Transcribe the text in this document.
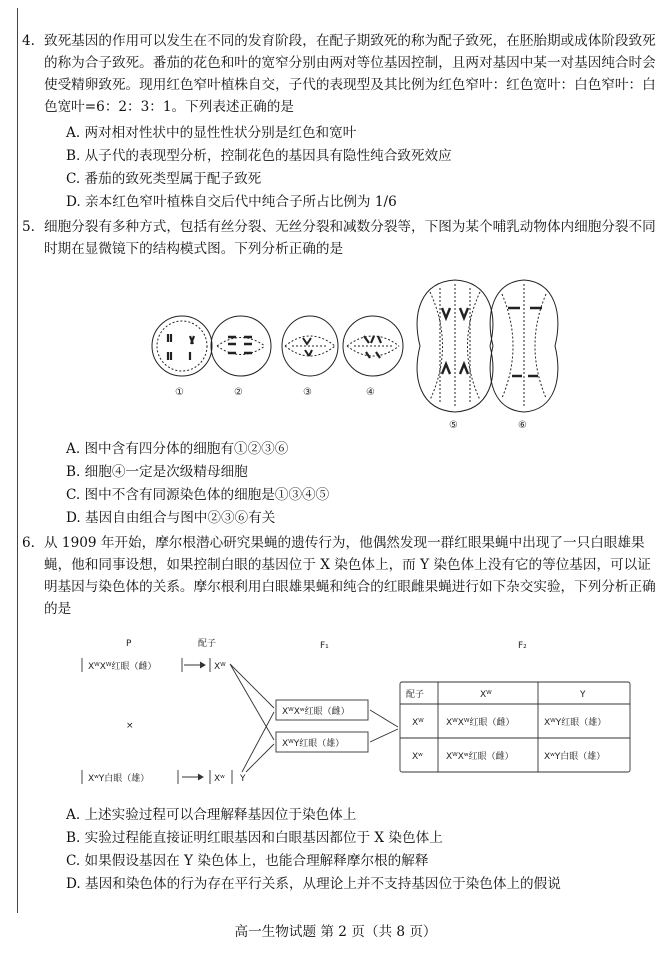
4. 致死基因的作用可以发生在不同的发育阶段，在配子期致死的称为配子致死，在胚胎期或成体阶段致死的称为合子致死。番茄的花色和叶的宽窄分别由两对等位基因控制，且两对基因中某一对基因纯合时会使受精卵致死。现用红色窄叶植株自交，子代的表现型及其比例为红色窄叶：红色宽叶：白色窄叶：白色宽叶=6：2：3：1。下列表述正确的是
A. 两对相对性状中的显性性状分别是红色和宽叶
B. 从子代的表现型分析，控制花色的基因具有隐性纯合致死效应
C. 番茄的致死类型属于配子致死
D. 亲本红色窄叶植株自交后代中纯合子所占比例为 1/6
5. 细胞分裂有多种方式，包括有丝分裂、无丝分裂和减数分裂等，下图为某个哺乳动物体内细胞分裂不同时期在显微镜下的结构模式图。下列分析正确的是
①	②	③	④
⑤	⑥
A. 图中含有四分体的细胞有①②③⑥
B. 细胞④一定是次级精母细胞
C. 图中不含有同源染色体的细胞是①③④⑤
D. 基因自由组合与图中②③⑥有关
6. 从 1909 年开始，摩尔根潜心研究果蝇的遗传行为，他偶然发现一群红眼果蝇中出现了一只白眼雄果蝇，他和同事设想，如果控制白眼的基因位于 X 染色体上，而 Y 染色体上没有它的等位基因，可以证明基因与染色体的关系。摩尔根利用白眼雄果蝇和纯合的红眼雌果蝇进行如下杂交实验，下列分析正确的是
P	配子	F₁	F₂
XᵂXᵂ红眼（雌）
×
XʷY白眼（雄）
Xᵂ
Xʷ Y
XᵂXʷ红眼（雌）
XᵂY红眼（雄）
配子	Xᵂ	Y
Xᵂ XᵂXᵂ红眼（雌）	XᵂY红眼（雄）
Xʷ	XᵂXʷ红眼（雌）	XʷY白眼（雄）
A. 上述实验过程可以合理解释基因位于染色体上
B. 实验过程能直接证明红眼基因和白眼基因都位于 X 染色体上
C. 如果假设基因在 Y 染色体上，也能合理解释摩尔根的解释
D. 基因和染色体的行为存在平行关系，从理论上并不支持基因位于染色体上的假说
高一生物试题 第 2 页（共 8 页）
